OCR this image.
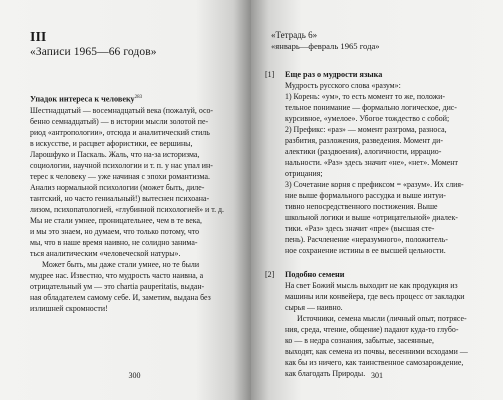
III
«Записи 1965—66 годов»
Упадок интереса к человеку$^{283}$

Шестнадцатый — восемнадцатый века (пожалуй, осо-

бенно семнадцатый) — в истории мысли золотой пе-

риод «антропологии», отсюда и аналитический стиль

в искусстве, и расцвет афористики, ее вершины,

Ларошфуко и Паскаль. Жаль, что на-за историзма,

социологии, научной психологии и т. п. у нас упал ин-

терес к человеку — уже начиная с эпохи романтизма.

Анализ нормальной психологии (может быть, диле-

тантский, но часто гениальный!) вытеснен психоана-

лизом, психопатологией, «глубинной психологией» и т. д.

Мы не стали умнее, проницательнее, чем в те века,

и мы это знаем, но думаем, что только потому, что

мы, что в наше время наивно, не солидно занима-

ться аналитическим «человеческой натуры».

Может быть, мы даже стали умнее, но те были

мудрее нас. Известно, что мудрость часто наивна, а

отрицательный ум — это chartia pauperitatis, выдан-

ная обладателем самому себе. И, заметим, выдана без

излишней скромности!

300
«Тетрадь 6»
«январь—февраль 1965 года»
[1] Еще раз о мудрости языка

Мудрость русского слова «разум»:

1) Корень: «ум», то есть момент то же, положи-

тельное понимание — формально логическое, дис-

курсивное, «умелое». Убогое тождество с собой;

2) Префикс: «раз» — момент разгрома, разноса,

разбития, разложения, разведения. Момент ди-

алектики (раздвоения), алогичности, иррацио-

нальности. «Раз» здесь значит «не», «нет». Момент

отрицания;

3) Сочетание корня с префиксом = «разум». Их слия-

ние выше формального рассудка и выше интуи-

тивно непосредственного постижения. Выше

школьной логики и выше «отрицательной» диалек-

тики. «Раз» здесь значит «пре» (высшая сте-

пень). Расчленение «неразумного», положитель-

ное сохранение истины в ее высшей цельности.

[2] Подобно семени

На свет Божий мысль выходит не как продукция из

машины или конвейера, где весь процесс от закладки

сырья — наивно.

Источники, семена мысли (личный опыт, потрясе-

ния, среда, чтение, общение) падают куда-то глубо-

ко — в недра сознания, забытые, засеянные,

выходят, как семена из почвы, весенними всходами —

как бы из ничего, как таинственное самозарождение,

как благодать Природы. 301
